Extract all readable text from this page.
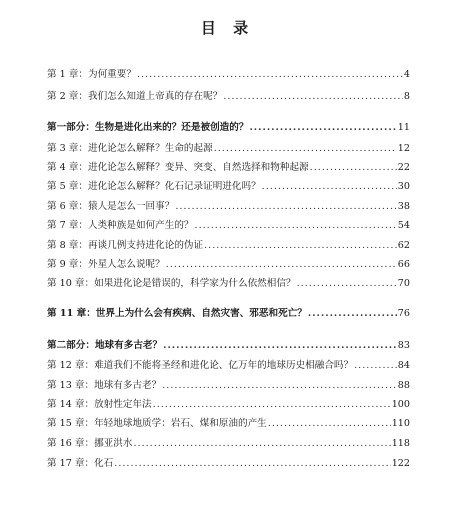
目 录
第 1 章：为何重要？ .....	4
第 2 章：我们怎么知道上帝真的存在呢？ .....	8
第一部分：生物是进化出来的？还是被创造的？ .....	11
第 3 章：进化论怎么解释？生命的起源 .....	12
第 4 章：进化论怎么解释？变异、突变、自然选择和物种起源 .....	22
第 5 章：进化论怎么解释？化石记录证明进化吗？ .....	30
第 6 章：猿人是怎么一回事？ .....	38
第 7 章：人类种族是如何产生的？ .....	54
第 8 章：再谈几例支持进化论的伪证 .....	62
第 9 章：外星人怎么说呢？ .....	66
第 10 章：如果进化论是错误的，科学家为什么依然相信？ .....	70
第 11 章：世界上为什么会有疾病、自然灾害、邪恶和死亡？ .....	76
第二部分：地球有多古老？ .....	83
第 12 章：难道我们不能将圣经和进化论、亿万年的地球历史相融合吗？ .....	84
第 13 章：地球有多古老？ .....	88
第 14 章：放射性定年法 .....	100
第 15 章：年轻地球地质学：岩石、煤和原油的产生 .....	110
第 16 章：挪亚洪水 .....	118
第 17 章：化石 .....	122
